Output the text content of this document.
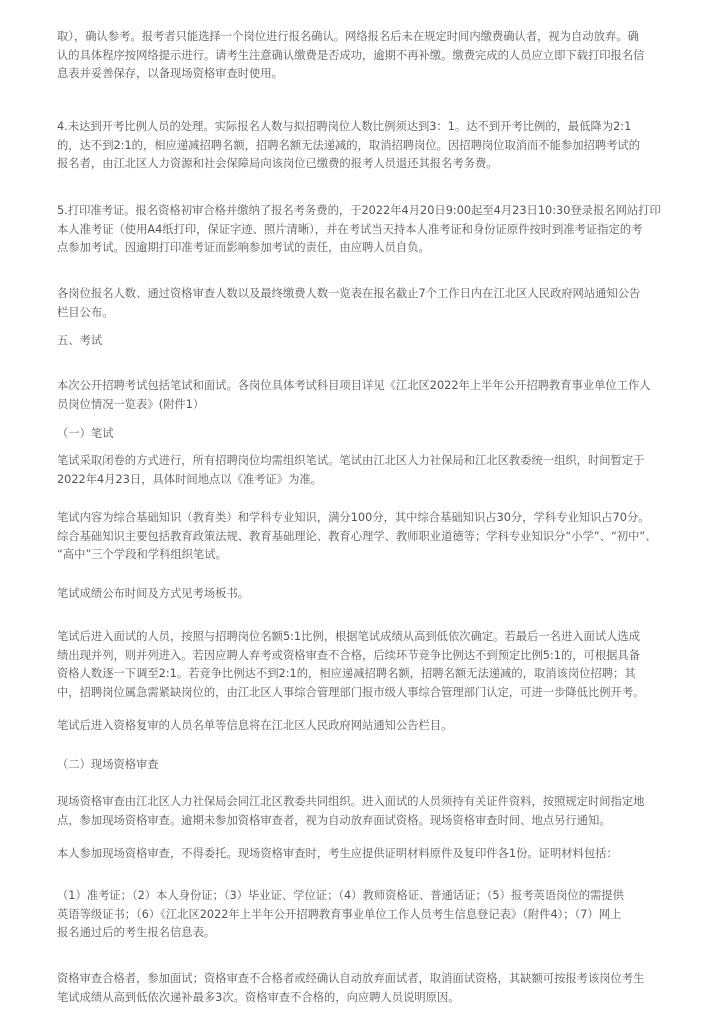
取），确认参考。报考者只能选择一个岗位进行报名确认。网络报名后未在规定时间内缴费确认者，视为自动放弃。确
认的具体程序按网络提示进行。请考生注意确认缴费是否成功，逾期不再补缴。缴费完成的人员应立即下载打印报名信
息表并妥善保存，以备现场资格审查时使用。
4.未达到开考比例人员的处理。实际报名人数与拟招聘岗位人数比例须达到3：1。达不到开考比例的，最低降为2:1
的，达不到2:1的，相应递减招聘名额，招聘名额无法递减的，取消招聘岗位。因招聘岗位取消而不能参加招聘考试的
报名者，由江北区人力资源和社会保障局向该岗位已缴费的报考人员退还其报名考务费。
5.打印准考证。报名资格初审合格并缴纳了报名考务费的，于2022年4月20日9:00起至4月23日10:30登录报名网站打印
本人准考证（使用A4纸打印，保证字迹、照片清晰），并在考试当天持本人准考证和身份证原件按时到准考证指定的考
点参加考试。因逾期打印准考证而影响参加考试的责任，由应聘人员自负。
各岗位报名人数、通过资格审查人数以及最终缴费人数一览表在报名截止7个工作日内在江北区人民政府网站通知公告
栏目公布。
五、考试
本次公开招聘考试包括笔试和面试。各岗位具体考试科目项目详见《江北区2022年上半年公开招聘教育事业单位工作人
员岗位情况一览表》(附件1）
（一）笔试
笔试采取闭卷的方式进行，所有招聘岗位均需组织笔试。笔试由江北区人力社保局和江北区教委统一组织，时间暂定于
2022年4月23日，具体时间地点以《准考证》为准。
笔试内容为综合基础知识（教育类）和学科专业知识，满分100分，其中综合基础知识占30分，学科专业知识占70分。
综合基础知识主要包括教育政策法规、教育基础理论、教育心理学、教师职业道德等；学科专业知识分“小学”、“初中”、
“高中”三个学段和学科组织笔试。
笔试成绩公布时间及方式见考场板书。
笔试后进入面试的人员，按照与招聘岗位名额5:1比例，根据笔试成绩从高到低依次确定。若最后一名进入面试人选成
绩出现并列，则并列进入。若因应聘人弃考或资格审查不合格，后续环节竞争比例达不到预定比例5:1的，可根据具备
资格人数逐一下调至2:1。若竞争比例达不到2:1的，相应递减招聘名额，招聘名额无法递减的，取消该岗位招聘；其
中，招聘岗位属急需紧缺岗位的，由江北区人事综合管理部门报市级人事综合管理部门认定，可进一步降低比例开考。
笔试后进入资格复审的人员名单等信息将在江北区人民政府网站通知公告栏目。
（二）现场资格审查
现场资格审查由江北区人力社保局会同江北区教委共同组织。进入面试的人员须持有关证件资料，按照规定时间指定地
点，参加现场资格审查。逾期未参加资格审查者，视为自动放弃面试资格。现场资格审查时间、地点另行通知。
本人参加现场资格审查，不得委托。现场资格审查时，考生应提供证明材料原件及复印件各1份。证明材料包括：
（1）准考证；（2）本人身份证；（3）毕业证、学位证；（4）教师资格证、普通话证；（5）报考英语岗位的需提供
英语等级证书；（6）《江北区2022年上半年公开招聘教育事业单位工作人员考生信息登记表》（附件4）；（7）网上
报名通过后的考生报名信息表。
资格审查合格者，参加面试；资格审查不合格者或经确认自动放弃面试者，取消面试资格，其缺额可按报考该岗位考生
笔试成绩从高到低依次递补最多3次。资格审查不合格的，向应聘人员说明原因。
